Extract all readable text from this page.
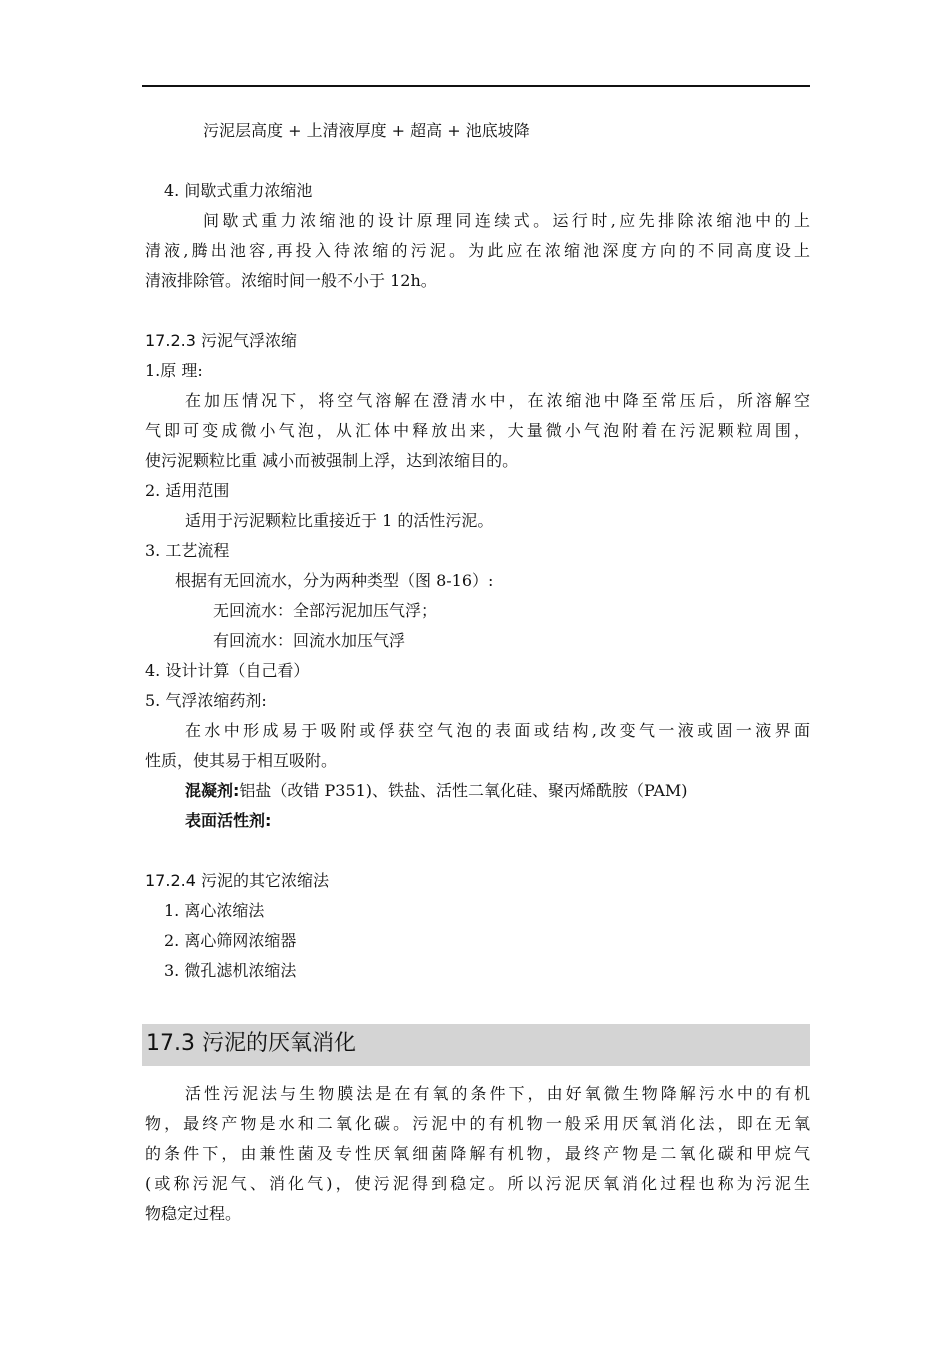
污泥层高度 + 上清液厚度 + 超高 + 池底坡降
4. 间歇式重力浓缩池
间歇式重力浓缩池的设计原理同连续式。运行时,应先排除浓缩池中的上
清液,腾出池容,再投入待浓缩的污泥。为此应在浓缩池深度方向的不同高度设上
清液排除管。浓缩时间一般不小于 12h。
17.2.3 污泥气浮浓缩
1.原 理:
在加压情况下，将空气溶解在澄清水中，在浓缩池中降至常压后，所溶解空
气即可变成微小气泡，从汇体中释放出来，大量微小气泡附着在污泥颗粒周围，
使污泥颗粒比重 减小而被强制上浮，达到浓缩目的。
2. 适用范围
适用于污泥颗粒比重接近于 1 的活性污泥。
3. 工艺流程
根据有无回流水，分为两种类型（图 8-16）:
无回流水：全部污泥加压气浮；
有回流水：回流水加压气浮
4. 设计计算（自己看）
5. 气浮浓缩药剂:
在水中形成易于吸附或俘获空气泡的表面或结构,改变气一液或固一液界面
性质，使其易于相互吸附。
混凝剂:铝盐（改错 P351)、铁盐、活性二氧化硅、聚丙烯酰胺（PAM)
表面活性剂:
17.2.4 污泥的其它浓缩法
1. 离心浓缩法
2. 离心筛网浓缩器
3. 微孔滤机浓缩法
17.3 污泥的厌氧消化
活性污泥法与生物膜法是在有氧的条件下，由好氧微生物降解污水中的有机
物，最终产物是水和二氧化碳。污泥中的有机物一般采用厌氧消化法，即在无氧
的条件下，由兼性菌及专性厌氧细菌降解有机物，最终产物是二氧化碳和甲烷气
(或称污泥气、消化气)，使污泥得到稳定。所以污泥厌氧消化过程也称为污泥生
物稳定过程。
